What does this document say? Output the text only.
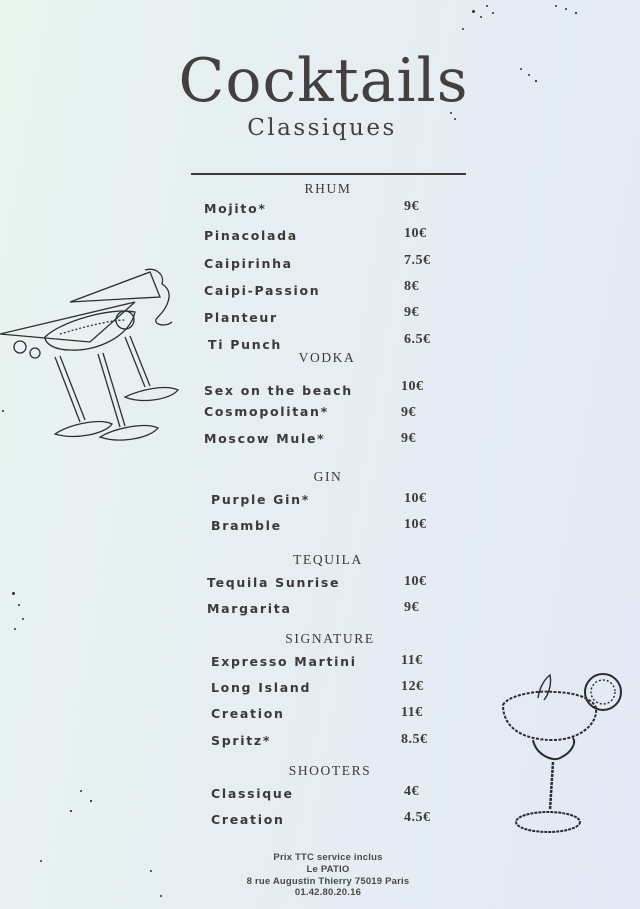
Cocktails
Classiques
RHUM
Mojito*	9€
Pinacolada	10€
Caipirinha	7.5€
Caipi-Passion	8€
Planteur	9€
Ti Punch	6.5€
VODKA
Sex on the beach	10€
Cosmopolitan*	9€
Moscow Mule*	9€
GIN
Purple Gin*	10€
Bramble	10€
TEQUILA
Tequila Sunrise	10€
Margarita	9€
SIGNATURE
Expresso Martini	11€
Long Island	12€
Creation	11€
Spritz*	8.5€
SHOOTERS
Classique	4€
Creation	4.5€
Prix TTC service inclus
Le PATIO
8 rue Augustin Thierry 75019 Paris
01.42.80.20.16
